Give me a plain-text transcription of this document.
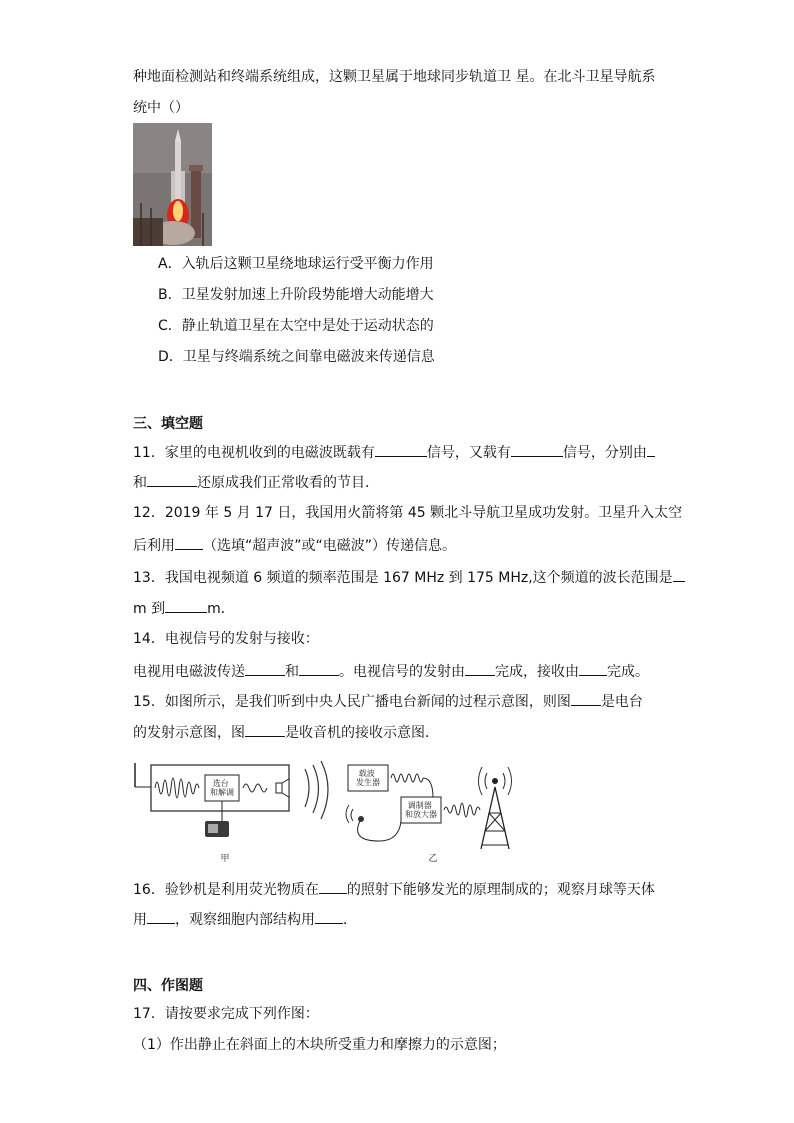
种地面检测站和终端系统组成，这颗卫星属于地球同步轨道卫 星。在北斗卫星导航系
统中（）
A．入轨后这颗卫星绕地球运行受平衡力作用
B．卫星发射加速上升阶段势能增大动能增大
C．静止轨道卫星在太空中是处于运动状态的
D．卫星与终端系统之间靠电磁波来传递信息
三、填空题
11．家里的电视机收到的电磁波既载有	信号，又载有	信号，分别由
和	还原成我们正常收看的节目．
12．2019 年 5 月 17 日，我国用火箭将第 45 颗北斗导航卫星成功发射。卫星升入太空
后利用 （选填“超声波”或“电磁波”）传递信息。
13．我国电视频道 6 频道的频率范围是 167 MHz 到 175 MHz,这个频道的波长范围是
m 到	m．
14．电视信号的发射与接收：
电视用电磁波传送	和	。电视信号的发射由 完成，接收由 完成。
15．如图所示，是我们听到中央人民广播电台新闻的过程示意图，则图 是电台
的发射示意图，图	是收音机的接收示意图．
选台 和解调
甲
载波 发生器
调制器 和放大器
乙
16．验钞机是利用荧光物质在 的照射下能够发光的原理制成的；观察月球等天体
用 ，观察细胞内部结构用 ．
四、作图题
17．请按要求完成下列作图：
（1）作出静止在斜面上的木块所受重力和摩擦力的示意图；
